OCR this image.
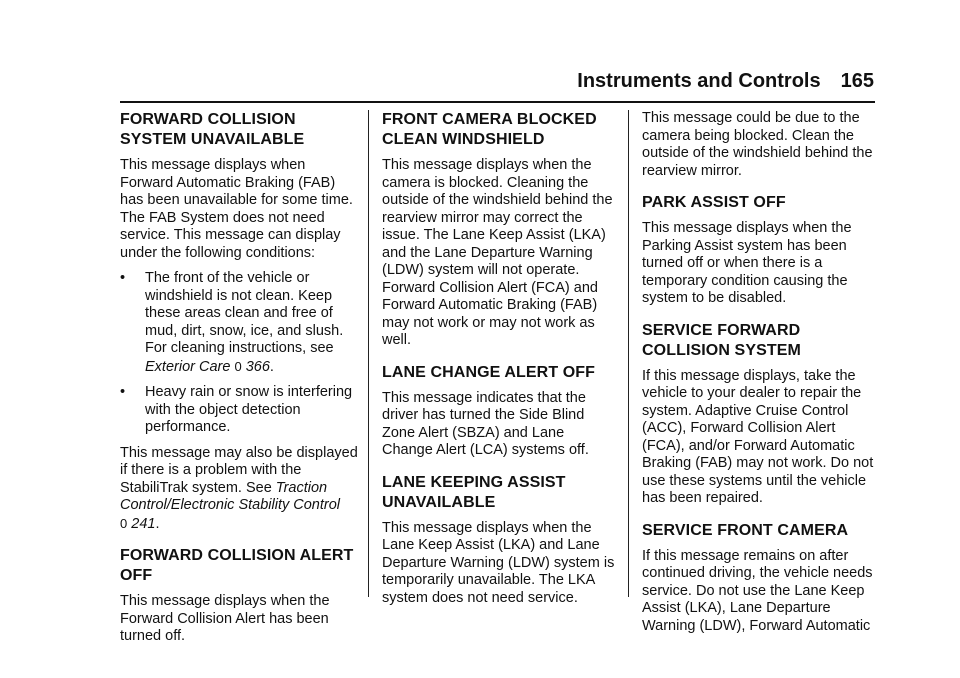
Instruments and Controls 165
FORWARD COLLISION SYSTEM UNAVAILABLE

This message displays when Forward Automatic Braking (FAB) has been unavailable for some time. The FAB System does not need service. This message can display under the following conditions:

• The front of the vehicle or windshield is not clean. Keep these areas clean and free of mud, dirt, snow, ice, and slush. For cleaning instructions, see Exterior Care 0 366.
• Heavy rain or snow is interfering with the object detection performance.

This message may also be displayed if there is a problem with the StabiliTrak system. See Traction Control/Electronic Stability Control
0 241.

FORWARD COLLISION ALERT OFF

This message displays when the Forward Collision Alert has been turned off.

FRONT CAMERA BLOCKED CLEAN WINDSHIELD

This message displays when the camera is blocked. Cleaning the outside of the windshield behind the rearview mirror may correct the issue. The Lane Keep Assist (LKA) and the Lane Departure Warning (LDW) system will not operate. Forward Collision Alert (FCA) and Forward Automatic Braking (FAB) may not work or may not work as well.

LANE CHANGE ALERT OFF

This message indicates that the driver has turned the Side Blind Zone Alert (SBZA) and Lane Change Alert (LCA) systems off.

LANE KEEPING ASSIST UNAVAILABLE

This message displays when the Lane Keep Assist (LKA) and Lane Departure Warning (LDW) system is temporarily unavailable. The LKA system does not need service.

This message could be due to the camera being blocked. Clean the outside of the windshield behind the rearview mirror.

PARK ASSIST OFF

This message displays when the Parking Assist system has been turned off or when there is a temporary condition causing the system to be disabled.

SERVICE FORWARD COLLISION SYSTEM

If this message displays, take the vehicle to your dealer to repair the system. Adaptive Cruise Control (ACC), Forward Collision Alert (FCA), and/or Forward Automatic Braking (FAB) may not work. Do not use these systems until the vehicle has been repaired.

SERVICE FRONT CAMERA

If this message remains on after continued driving, the vehicle needs service. Do not use the Lane Keep Assist (LKA), Lane Departure Warning (LDW), Forward Automatic
